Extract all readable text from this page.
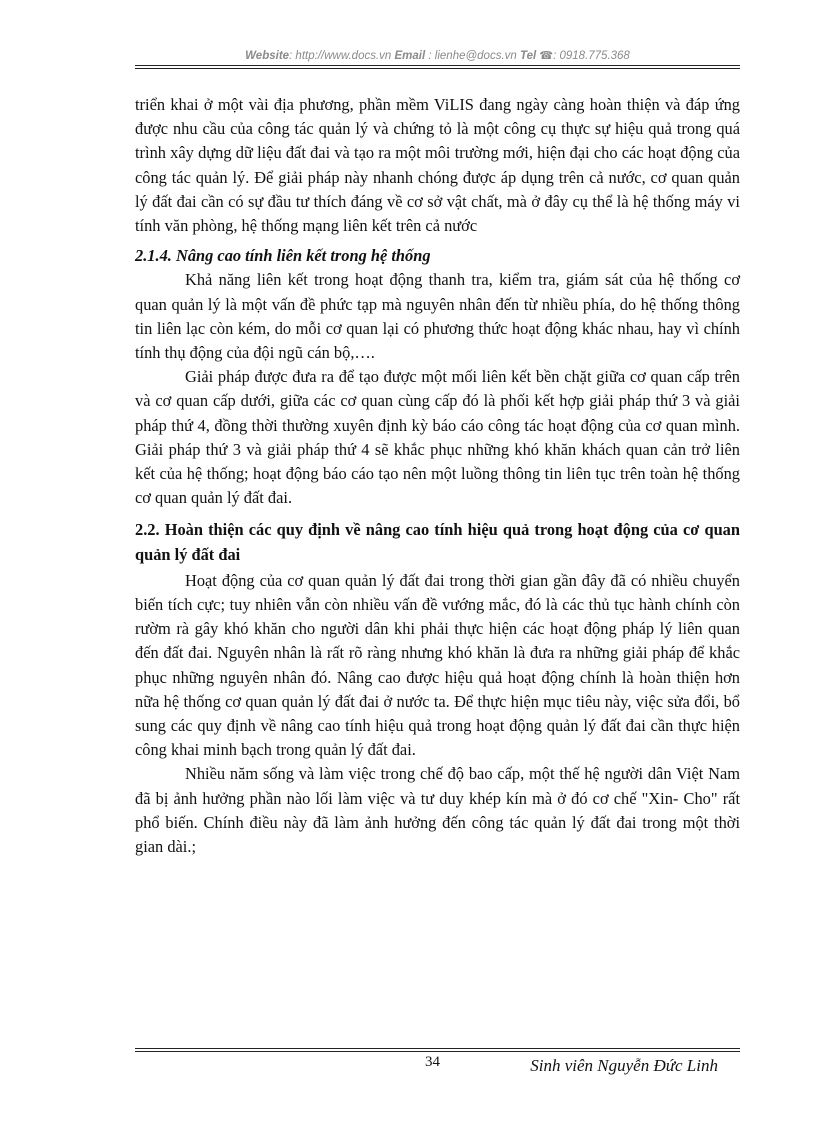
Website: http://www.docs.vn Email : lienhe@docs.vn Tel ☎: 0918.775.368

triển khai ở một vài địa phương, phần mềm ViLIS đang ngày càng hoàn thiện và đáp ứng được nhu cầu của công tác quản lý và chứng tỏ là một công cụ thực sự hiệu quả trong quá trình xây dựng dữ liệu đất đai và tạo ra một môi trường mới, hiện đại cho các hoạt động của công tác quản lý. Để giải pháp này nhanh chóng được áp dụng trên cả nước, cơ quan quản lý đất đai cần có sự đầu tư thích đáng về cơ sở vật chất, mà ở đây cụ thể là hệ thống máy vi tính văn phòng, hệ thống mạng liên kết trên cả nước

2.1.4. Nâng cao tính liên kết trong hệ thống

Khả năng liên kết trong hoạt động thanh tra, kiểm tra, giám sát của hệ thống cơ quan quản lý là một vấn đề phức tạp mà nguyên nhân đến từ nhiều phía, do hệ thống thông tin liên lạc còn kém, do mỗi cơ quan lại có phương thức hoạt động khác nhau, hay vì chính tính thụ động của đội ngũ cán bộ,….

Giải pháp được đưa ra để tạo được một mối liên kết bền chặt giữa cơ quan cấp trên và cơ quan cấp dưới, giữa các cơ quan cùng cấp đó là phối kết hợp giải pháp thứ 3 và giải pháp thứ 4, đồng thời thường xuyên định kỳ báo cáo công tác hoạt động của cơ quan mình. Giải pháp thứ 3 và giải pháp thứ 4 sẽ khắc phục những khó khăn khách quan cản trở liên kết của hệ thống; hoạt động báo cáo tạo nên một luồng thông tin liên tục trên toàn hệ thống cơ quan quản lý đất đai.

2.2. Hoàn thiện các quy định về nâng cao tính hiệu quả trong hoạt động của cơ quan quản lý đất đai

Hoạt động của cơ quan quản lý đất đai trong thời gian gần đây đã có nhiều chuyển biến tích cực; tuy nhiên vẫn còn nhiều vấn đề vướng mắc, đó là các thủ tục hành chính còn rườm rà gây khó khăn cho người dân khi phải thực hiện các hoạt động pháp lý liên quan đến đất đai. Nguyên nhân là rất rõ ràng nhưng khó khăn là đưa ra những giải pháp để khắc phục những nguyên nhân đó. Nâng cao được hiệu quả hoạt động chính là hoàn thiện hơn nữa hệ thống cơ quan quản lý đất đai ở nước ta. Để thực hiện mục tiêu này, việc sửa đổi, bổ sung các quy định về nâng cao tính hiệu quả trong hoạt động quản lý đất đai cần thực hiện công khai minh bạch trong quản lý đất đai.

Nhiều năm sống và làm việc trong chế độ bao cấp, một thế hệ người dân Việt Nam đã bị ảnh hưởng phần nào lối làm việc và tư duy khép kín mà ở đó cơ chế "Xin- Cho" rất phổ biến. Chính điều này đã làm ảnh hưởng đến công tác quản lý đất đai trong một thời gian dài.;

34	Sinh viên Nguyễn Đức Linh
